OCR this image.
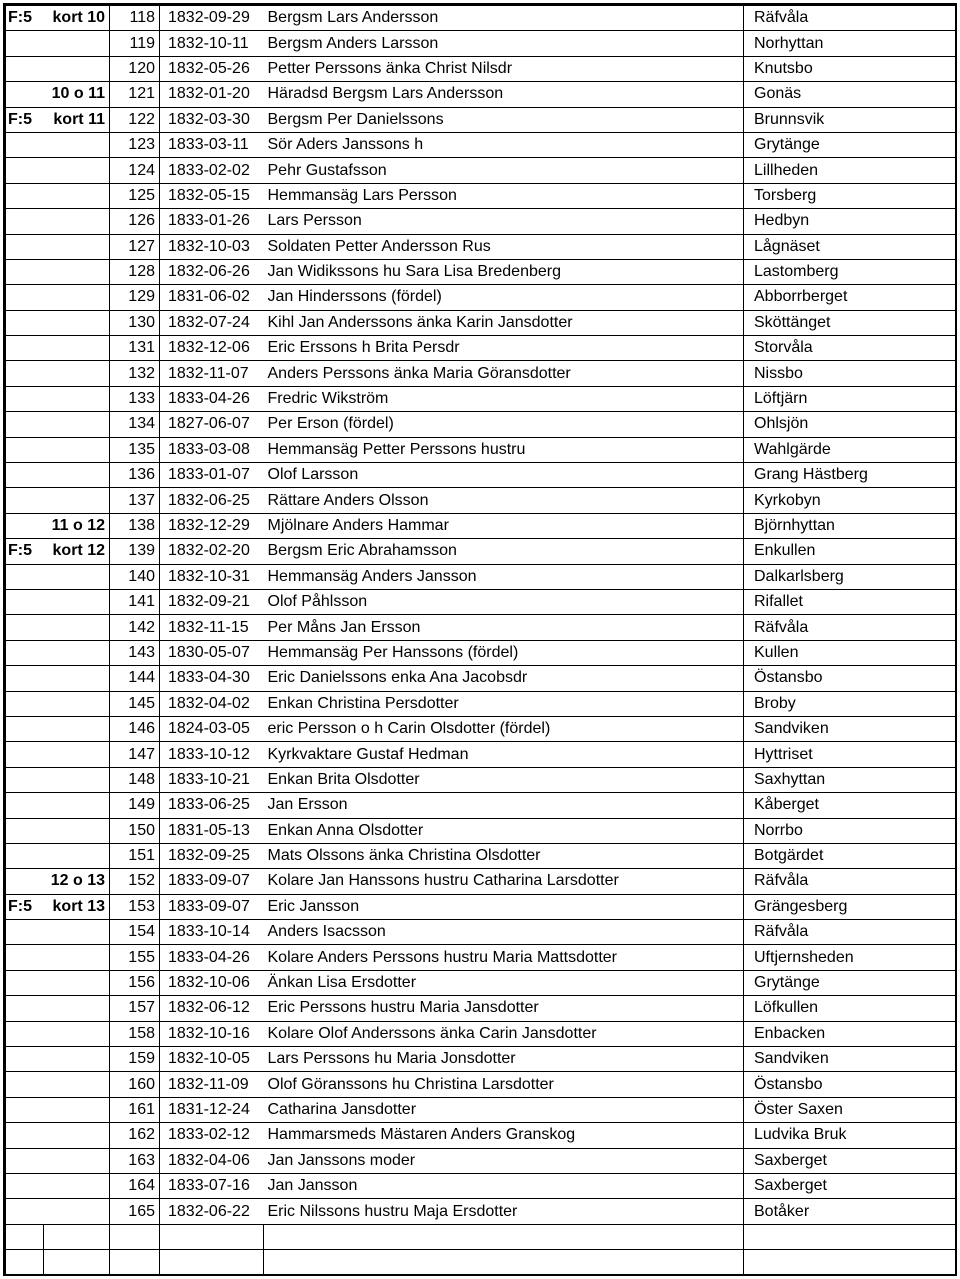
F:5	kort 10	118	1832-09-29	Bergsm Lars Andersson	Räfvåla
		119	1832-10-11	Bergsm Anders Larsson	Norhyttan
		120	1832-05-26	Petter Perssons änka Christ Nilsdr	Knutsbo
	10 o 11	121	1832-01-20	Häradsd Bergsm Lars Andersson	Gonäs
F:5	kort 11	122	1832-03-30	Bergsm Per Danielssons	Brunnsvik
		123	1833-03-11	Sör Aders Janssons h	Grytänge
		124	1833-02-02	Pehr Gustafsson	Lillheden
		125	1832-05-15	Hemmansäg Lars Persson	Torsberg
		126	1833-01-26	Lars Persson	Hedbyn
		127	1832-10-03	Soldaten Petter Andersson Rus	Lågnäset
		128	1832-06-26	Jan Widikssons hu Sara Lisa Bredenberg	Lastomberg
		129	1831-06-02	Jan Hinderssons (fördel)	Abborrberget
		130	1832-07-24	Kihl Jan Anderssons änka Karin Jansdotter	Sköttänget
		131	1832-12-06	Eric Erssons h Brita Persdr	Storvåla
		132	1832-11-07	Anders Perssons änka Maria Göransdotter	Nissbo
		133	1833-04-26	Fredric Wikström	Löftjärn
		134	1827-06-07	Per Erson (fördel)	Ohlsjön
		135	1833-03-08	Hemmansäg Petter Perssons hustru	Wahlgärde
		136	1833-01-07	Olof Larsson	Grang Hästberg
		137	1832-06-25	Rättare Anders Olsson	Kyrkobyn
	11 o 12	138	1832-12-29	Mjölnare Anders Hammar	Björnhyttan
F:5	kort 12	139	1832-02-20	Bergsm Eric Abrahamsson	Enkullen
		140	1832-10-31	Hemmansäg Anders Jansson	Dalkarlsberg
		141	1832-09-21	Olof Påhlsson	Rifallet
		142	1832-11-15	Per Måns Jan Ersson	Räfvåla
		143	1830-05-07	Hemmansäg Per Hanssons (fördel)	Kullen
		144	1833-04-30	Eric Danielssons enka Ana Jacobsdr	Östansbo
		145	1832-04-02	Enkan Christina Persdotter	Broby
		146	1824-03-05	eric Persson o h Carin Olsdotter (fördel)	Sandviken
		147	1833-10-12	Kyrkvaktare Gustaf Hedman	Hyttriset
		148	1833-10-21	Enkan Brita Olsdotter	Saxhyttan
		149	1833-06-25	Jan Ersson	Kåberget
		150	1831-05-13	Enkan Anna Olsdotter	Norrbo
		151	1832-09-25	Mats Olssons änka Christina Olsdotter	Botgärdet
	12 o 13	152	1833-09-07	Kolare Jan Hanssons hustru Catharina Larsdotter	Räfvåla
F:5	kort 13	153	1833-09-07	Eric Jansson	Grängesberg
		154	1833-10-14	Anders Isacsson	Räfvåla
		155	1833-04-26	Kolare Anders Perssons hustru Maria Mattsdotter	Uftjernsheden
		156	1832-10-06	Änkan Lisa Ersdotter	Grytänge
		157	1832-06-12	Eric Perssons hustru Maria Jansdotter	Löfkullen
		158	1832-10-16	Kolare Olof Anderssons änka Carin Jansdotter	Enbacken
		159	1832-10-05	Lars Perssons hu Maria Jonsdotter	Sandviken
		160	1832-11-09	Olof Göranssons hu Christina Larsdotter	Östansbo
		161	1831-12-24	Catharina Jansdotter	Öster Saxen
		162	1833-02-12	Hammarsmeds Mästaren Anders Granskog	Ludvika Bruk
		163	1832-04-06	Jan Janssons moder	Saxberget
		164	1833-07-16	Jan Jansson	Saxberget
		165	1832-06-22	Eric Nilssons hustru Maja Ersdotter	Botåker
